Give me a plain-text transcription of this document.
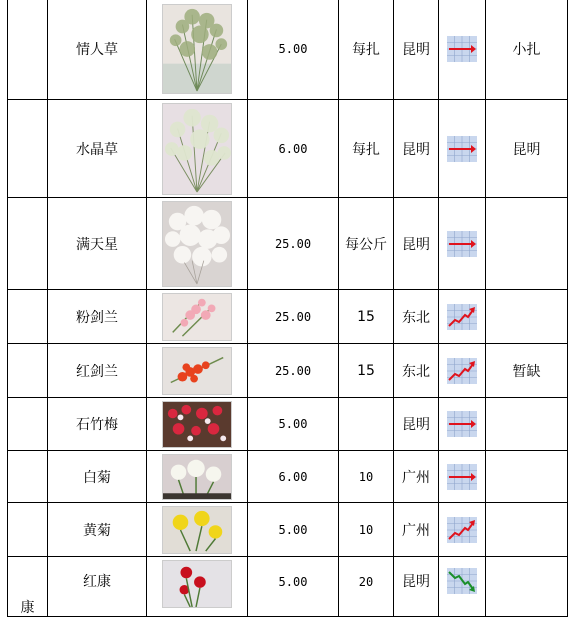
	情人草		5.00	每扎	昆明		小扎
	水晶草		6.00	每扎	昆明		昆明
	满天星		25.00	每公斤	昆明	

	粉剑兰		25.00	15	东北	

	红剑兰		25.00	15	东北		暂缺
	石竹梅		5.00		昆明	

	白菊		6.00	10	广州	

	黄菊		5.00	10	广州	

康	红康		5.00	20	昆明	
